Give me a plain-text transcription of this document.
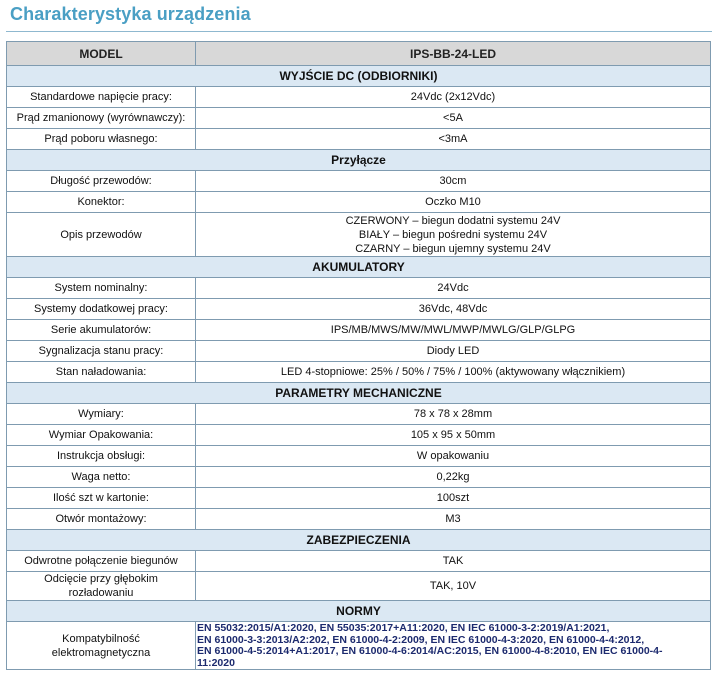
Charakterystyka urządzenia
MODEL	IPS-BB-24-LED
WYJŚCIE DC (ODBIORNIKI)	
Standardowe napięcie pracy:	24Vdc (2x12Vdc)
Prąd zmanionowy (wyrównawczy):	<5A
Prąd poboru własnego:	<3mA
Przyłącze	
Długość przewodów:	30cm
Konektor:	Oczko M10
Opis przewodów	CZERWONY – biegun dodatni systemu 24V
BIAŁY – biegun pośredni systemu 24V
CZARNY – biegun ujemny systemu 24V

AKUMULATORY	
System nominalny:	24Vdc
Systemy dodatkowej pracy:	36Vdc, 48Vdc
Serie akumulatorów:	IPS/MB/MWS/MW/MWL/MWP/MWLG/GLP/GLPG
Sygnalizacja stanu pracy:	Diody LED
Stan naładowania:	LED 4-stopniowe: 25% / 50% / 75% / 100% (aktywowany włącznikiem)
PARAMETRY MECHANICZNE	
Wymiary:	78 x 78 x 28mm
Wymiar Opakowania:	105 x 95 x 50mm
Instrukcja obsługi:	W opakowaniu
Waga netto:	0,22kg
Ilość szt w kartonie:	100szt
Otwór montażowy:	M3
ZABEZPIECZENIA	
Odwrotne połączenie biegunów	TAK

Odcięcie przy głębokim
rozładowaniu	TAK, 10V
NORMY	

Kompatybilność
elektromagnetyczna	EN 55032:2015/A1:2020, EN 55035:2017+A11:2020, EN IEC 61000-3-2:2019/A1:2021,
EN 61000-3-3:2013/A2:202, EN 61000-4-2:2009, EN IEC 61000-4-3:2020, EN 61000-4-4:2012,
EN 61000-4-5:2014+A1:2017, EN 61000-4-6:2014/AC:2015, EN 61000-4-8:2010, EN IEC 61000-4-
11:2020
